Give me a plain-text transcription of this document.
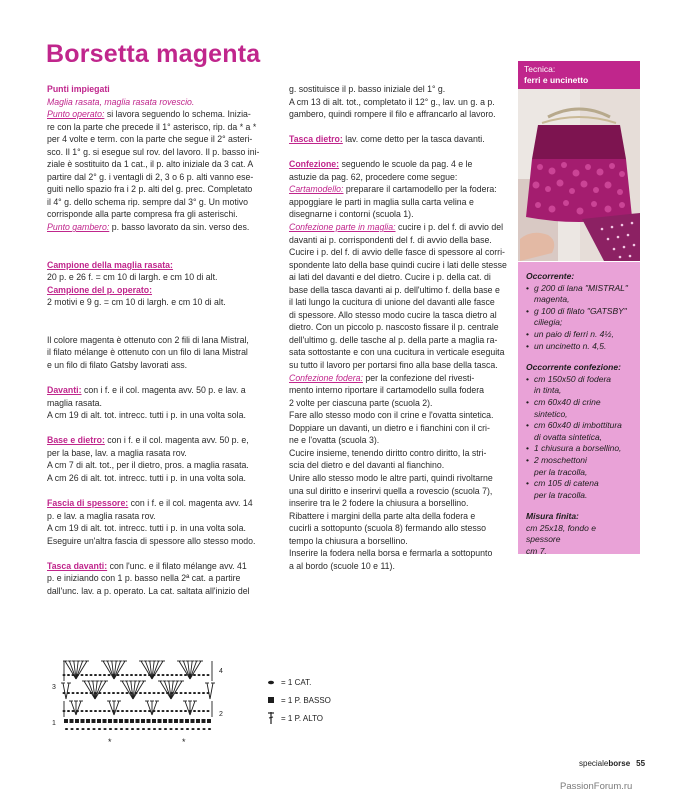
Borsetta magenta

Punti impiegati

Maglia rasata, maglia rasata rovescio.

Punto operato: si lavora seguendo lo schema. Inizia-

re con la parte che precede il 1° asterisco, rip. da * a *

per 4 volte e term. con la parte che segue il 2° asteri-

sco. Il 1° g. si esegue sul rov. del lavoro. Il p. basso ini-

ziale è sostituito da 1 cat., il p. alto iniziale da 3 cat. A

partire dal 2° g. i ventagli di 2, 3 o 6 p. alti vanno ese-

guiti nello spazio fra i 2 p. alti del g. prec. Completato

il 4° g. dello schema rip. sempre dal 3° g. Un motivo

corrisponde alla parte compresa fra gli asterischi.

Punto gambero: p. basso lavorato da sin. verso des.

Campione della maglia rasata:

20 p. e 26 f. = cm 10 di largh. e cm 10 di alt.

Campione del p. operato:

2 motivi e 9 g. = cm 10 di largh. e cm 10 di alt.

Il colore magenta è ottenuto con 2 fili di lana Mistral,

il filato mélange è ottenuto con un filo di lana Mistral

e un filo di filato Gatsby lavorati ass.

Davanti: con i f. e il col. magenta avv. 50 p. e lav. a

maglia rasata.

A cm 19 di alt. tot. intrecc. tutti i p. in una volta sola.

Base e dietro: con i f. e il col. magenta avv. 50 p. e,

per la base, lav. a maglia rasata rov.

A cm 7 di alt. tot., per il dietro, pros. a maglia rasata.

A cm 26 di alt. tot. intrecc. tutti i p. in una volta sola.

Fascia di spessore: con i f. e il col. magenta avv. 14

p. e lav. a maglia rasata rov.

A cm 19 di alt. tot. intrecc. tutti i p. in una volta sola.

Eseguire un'altra fascia di spessore allo stesso modo.

Tasca davanti: con l'unc. e il filato mélange avv. 41

p. e iniziando con 1 p. basso nella 2ª cat. a partire

dall'unc. lav. a p. operato. La cat. saltata all'inizio del

g. sostituisce il p. basso iniziale del 1° g.

A cm 13 di alt. tot., completato il 12° g., lav. un g. a p.

gambero, quindi rompere il filo e affrancarlo al lavoro.

Tasca dietro: lav. come detto per la tasca davanti.

Confezione: seguendo le scuole da pag. 4 e le

astuzie da pag. 62, procedere come segue:

Cartamodello: preparare il cartamodello per la fodera:

appoggiare le parti in maglia sulla carta velina e

disegnarne i contorni (scuola 1).

Confezione parte in maglia: cucire i p. del f. di avvio del

davanti ai p. corrispondenti del f. di avvio della base.

Cucire i p. del f. di avvio delle fasce di spessore al corri-

spondente lato della base quindi cucire i lati delle stesse

ai lati del davanti e del dietro. Cucire i p. della cat. di

base della tasca davanti ai p. dell'ultimo f. della base e

il lati lungo la cucitura di unione del davanti alle fasce

di spessore. Allo stesso modo cucire la tasca dietro al

dietro. Con un piccolo p. nascosto fissare il p. centrale

dell'ultimo g. delle tasche al p. della parte a maglia ra-

sata sottostante e con una cucitura in verticale eseguita

su tutto il lavoro per portarsi fino alla base della tasca.

Confezione fodera: per la confezione del rivesti-

mento interno riportare il cartamodello sulla fodera

2 volte per ciascuna parte (scuola 2).

Fare allo stesso modo con il crine e l'ovatta sintetica.

Doppiare un davanti, un dietro e i fianchini con il cri-

ne e l'ovatta (scuola 3).

Cucire insieme, tenendo diritto contro diritto, la stri-

scia del dietro e del davanti al fianchino.

Unire allo stesso modo le altre parti, quindi rivoltarne

una sul diritto e inserirvi quella a rovescio (scuola 7),

inserire tra le 2 fodere la chiusura a borsellino.

Ribattere i margini della parte alta della fodera e

cucirli a sottopunto (scuola 8) fermando allo stesso

tempo la chiusura a borsellino.

Inserire la fodera nella borsa e fermarla a sottopunto

a al bordo (scuole 10 e 11).

Tecnica:
ferri e uncinetto
Occorrente:
• g 200 di lana "MISTRAL"
magenta,
• g 100 di filato "GATSBY"
ciliegia;
• un paio di ferri n. 4½,
• un uncinetto n. 4,5.
Occorrente confezione:
• cm 150x50 di fodera
in tinta,
• cm 60x40 di crine sintetico,
• cm 60x40 di imbottitura
di ovatta sintetica,
• 1 chiusura a borsellino,
• 2 moschettoni
per la tracolla,
• cm 105 di catena
per la tracolla.
Misura finita:
cm 25x18, fondo e spessore
cm 7.
3
1
4
2
*	*
= 1 CAT.
= 1 P. BASSO
= 1 P. ALTO
specialeborse 55
PassionForum.ru
